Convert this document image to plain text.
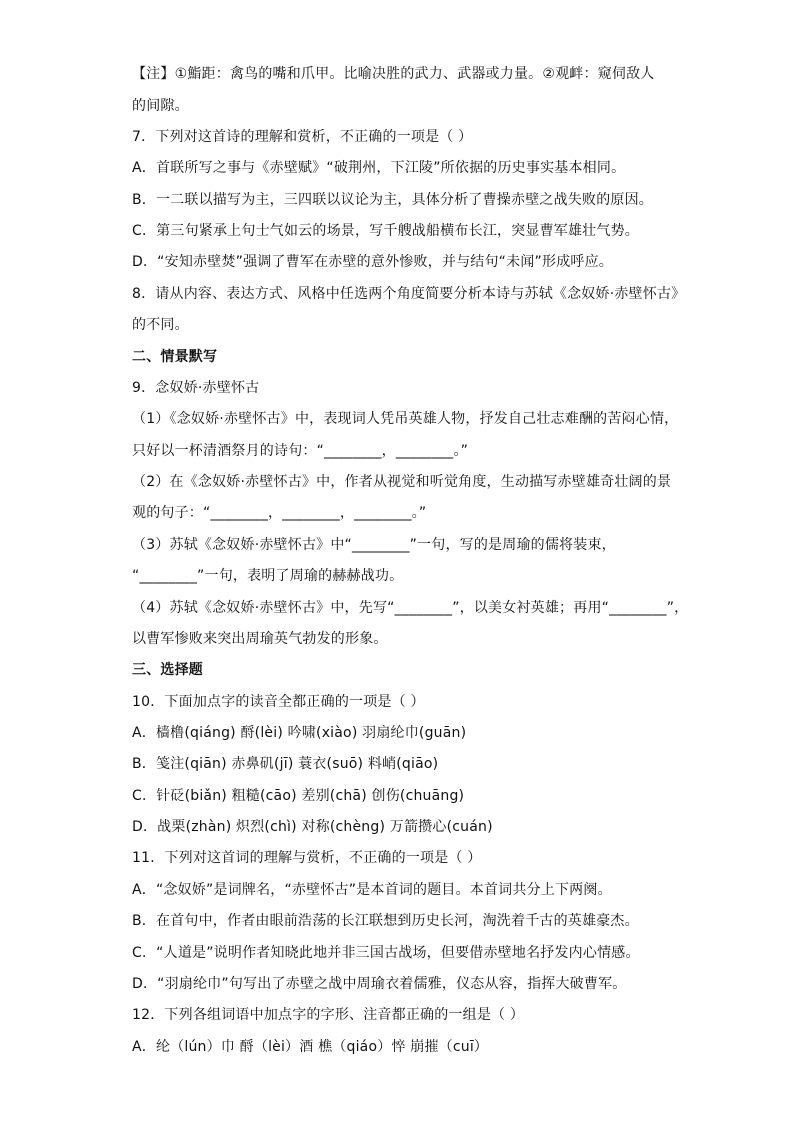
【注】①鮨距：禽鸟的嘴和爪甲。比喻决胜的武力、武器或力量。②观衅：窥伺敌人
的间隙。
7．下列对这首诗的理解和赏析，不正确的一项是（ ）
A．首联所写之事与《赤壁赋》“破荆州，下江陵”所依据的历史事实基本相同。
B．一二联以描写为主，三四联以议论为主，具体分析了曹操赤壁之战失败的原因。
C．第三句紧承上句士气如云的场景，写千艘战船横布长江，突显曹军雄壮气势。
D．“安知赤壁焚”强调了曹军在赤壁的意外惨败，并与结句“未闻”形成呼应。
8．请从内容、表达方式、风格中任选两个角度简要分析本诗与苏轼《念奴娇·赤壁怀古》
的不同。
二、情景默写
9．念奴娇·赤壁怀古
（1）《念奴娇·赤壁怀古》中，表现词人凭吊英雄人物，抒发自己壮志难酬的苦闷心情，
只好以一杯清酒祭月的诗句：“________，________。”
（2）在《念奴娇·赤壁怀古》中，作者从视觉和听觉角度，生动描写赤壁雄奇壮阔的景
观的句子：“________，________，________。”
（3）苏轼《念奴娇·赤壁怀古》中“________”一句，写的是周瑜的儒将装束，
“________”一句，表明了周瑜的赫赫战功。
（4）苏轼《念奴娇·赤壁怀古》中，先写“________”，以美女衬英雄；再用“________”，
以曹军惨败来突出周瑜英气勃发的形象。
三、选择题
10．下面加点字的读音全都正确的一项是（ ）
A．樯橹(qiáng) 酹(lèi) 吟啸(xiào) 羽扇纶巾(guān)
B．笺注(qiān) 赤鼻矶(jī) 蓑衣(suō) 料峭(qiāo)
C．针砭(biǎn) 粗糙(cāo) 差别(chā) 创伤(chuāng)
D．战栗(zhàn) 炽烈(chì) 对称(chèng) 万箭攒心(cuán)
11．下列对这首词的理解与赏析，不正确的一项是（ ）
A．“念奴娇”是词牌名，“赤壁怀古”是本首词的题目。本首词共分上下两阕。
B．在首句中，作者由眼前浩荡的长江联想到历史长河，淘洗着千古的英雄豪杰。
C．“人道是”说明作者知晓此地并非三国古战场，但要借赤壁地名抒发内心情感。
D．“羽扇纶巾”句写出了赤壁之战中周瑜衣着儒雅，仪态从容，指挥大破曹军。
12．下列各组词语中加点字的字形、注音都正确的一组是（ ）
A．纶（lún）巾 酹（lèi）酒 樵（qiáo）悴 崩摧（cuī）
